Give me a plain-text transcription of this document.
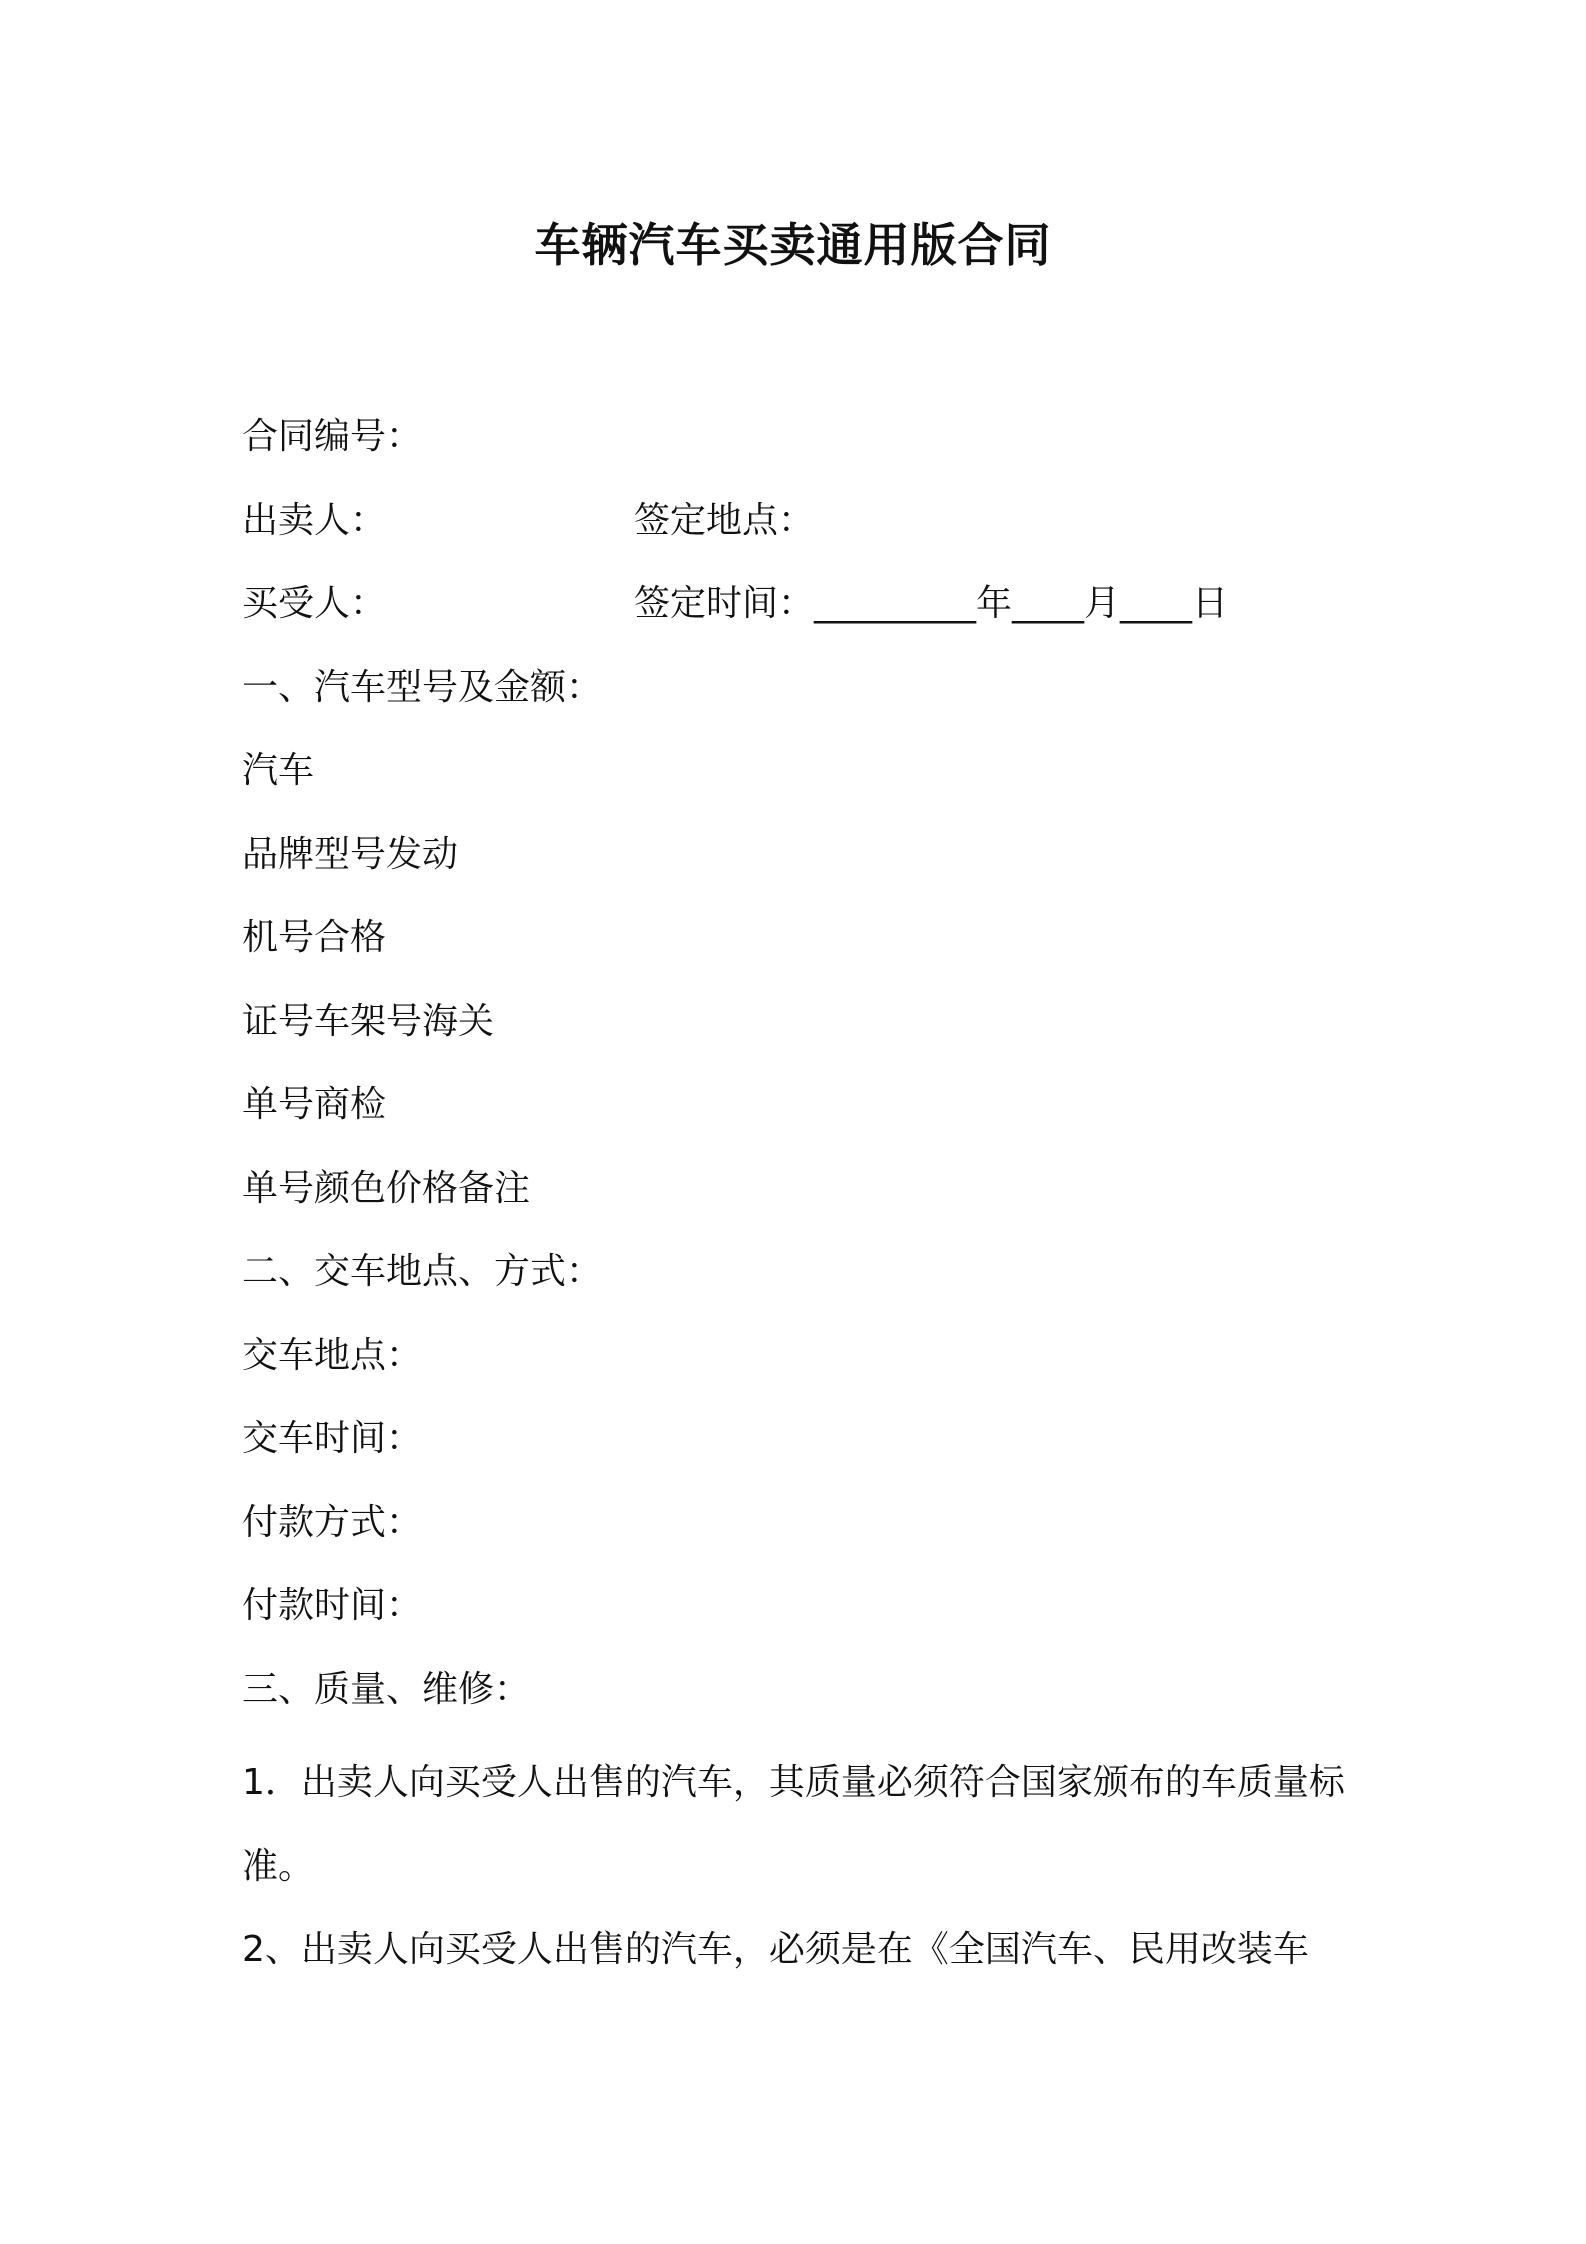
车辆汽车买卖通用版合同
合同编号：
出卖人：	签定地点：
买受人：	签定时间：_________年____月____日
一、汽车型号及金额：
汽车
品牌型号发动
机号合格
证号车架号海关
单号商检
单号颜色价格备注
二、交车地点、方式：
交车地点：
交车时间：
付款方式：
付款时间：
三、质量、维修：
1．出卖人向买受人出售的汽车，其质量必须符合国家颁布的车质量标准。
2、出卖人向买受人出售的汽车，必须是在《全国汽车、民用改装车
